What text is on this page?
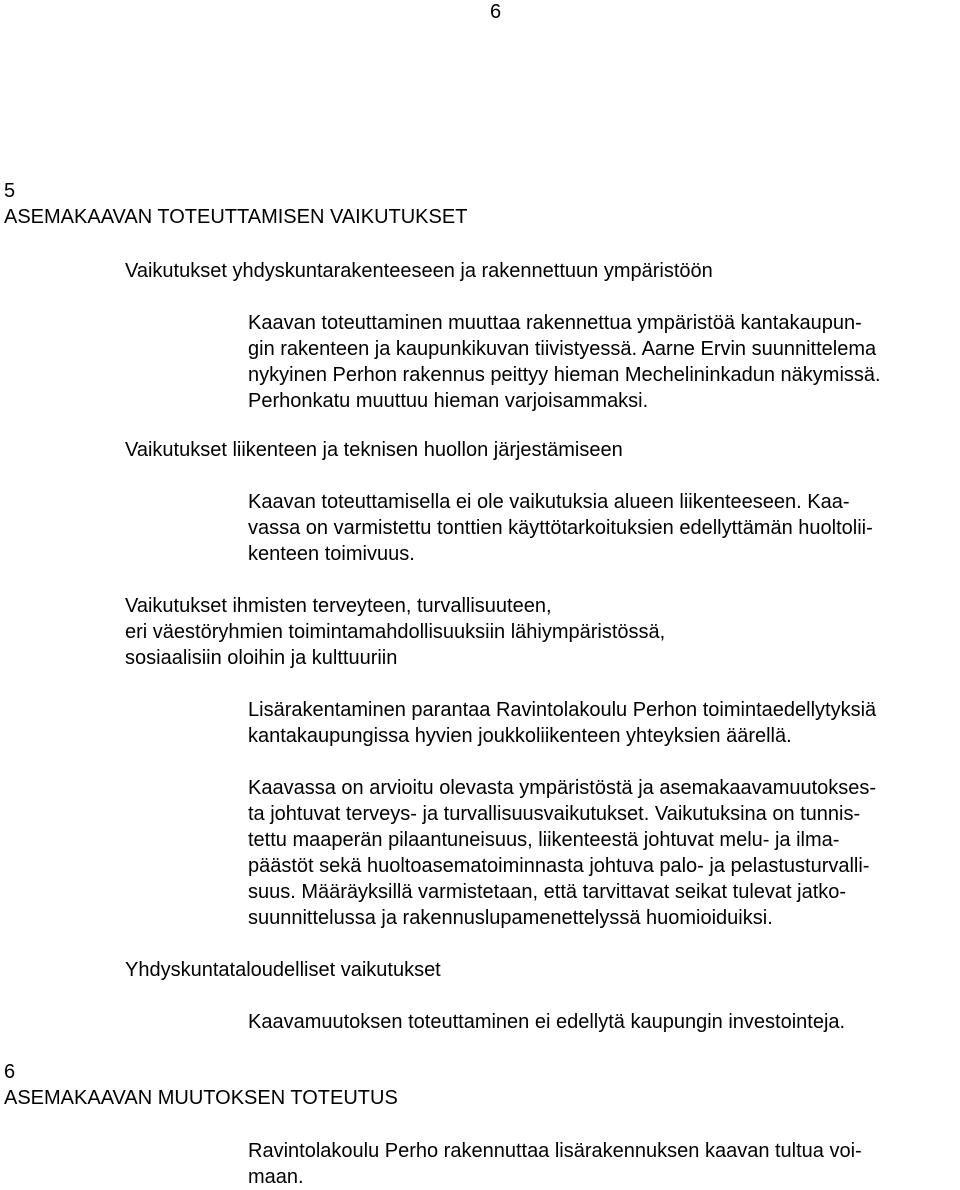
6
5
ASEMAKAAVAN TOTEUTTAMISEN VAIKUTUKSET
Vaikutukset yhdyskuntarakenteeseen ja rakennettuun ympäristöön
Kaavan toteuttaminen muuttaa rakennettua ympäristöä kantakaupun-
gin rakenteen ja kaupunkikuvan tiivistyessä. Aarne Ervin suunnittelema
nykyinen Perhon rakennus peittyy hieman Mechelininkadun näkymissä.
Perhonkatu muuttuu hieman varjoisammaksi.
Vaikutukset liikenteen ja teknisen huollon järjestämiseen
Kaavan toteuttamisella ei ole vaikutuksia alueen liikenteeseen. Kaa-
vassa on varmistettu tonttien käyttötarkoituksien edellyttämän huoltolii-
kenteen toimivuus.
Vaikutukset ihmisten terveyteen, turvallisuuteen,
eri väestöryhmien toimintamahdollisuuksiin lähiympäristössä,
sosiaalisiin oloihin ja kulttuuriin
Lisärakentaminen parantaa Ravintolakoulu Perhon toimintaedellytyksiä
kantakaupungissa hyvien joukkoliikenteen yhteyksien äärellä.
Kaavassa on arvioitu olevasta ympäristöstä ja asemakaavamuutokses-
ta johtuvat terveys- ja turvallisuusvaikutukset. Vaikutuksina on tunnis-
tettu maaperän pilaantuneisuus, liikenteestä johtuvat melu- ja ilma-
päästöt sekä huoltoasematoiminnasta johtuva palo- ja pelastusturvalli-
suus. Määräyksillä varmistetaan, että tarvittavat seikat tulevat jatko-
suunnittelussa ja rakennuslupamenettelyssä huomioiduiksi.
Yhdyskuntataloudelliset vaikutukset
Kaavamuutoksen toteuttaminen ei edellytä kaupungin investointeja.
6
ASEMAKAAVAN MUUTOKSEN TOTEUTUS
Ravintolakoulu Perho rakennuttaa lisärakennuksen kaavan tultua voi-
maan.
